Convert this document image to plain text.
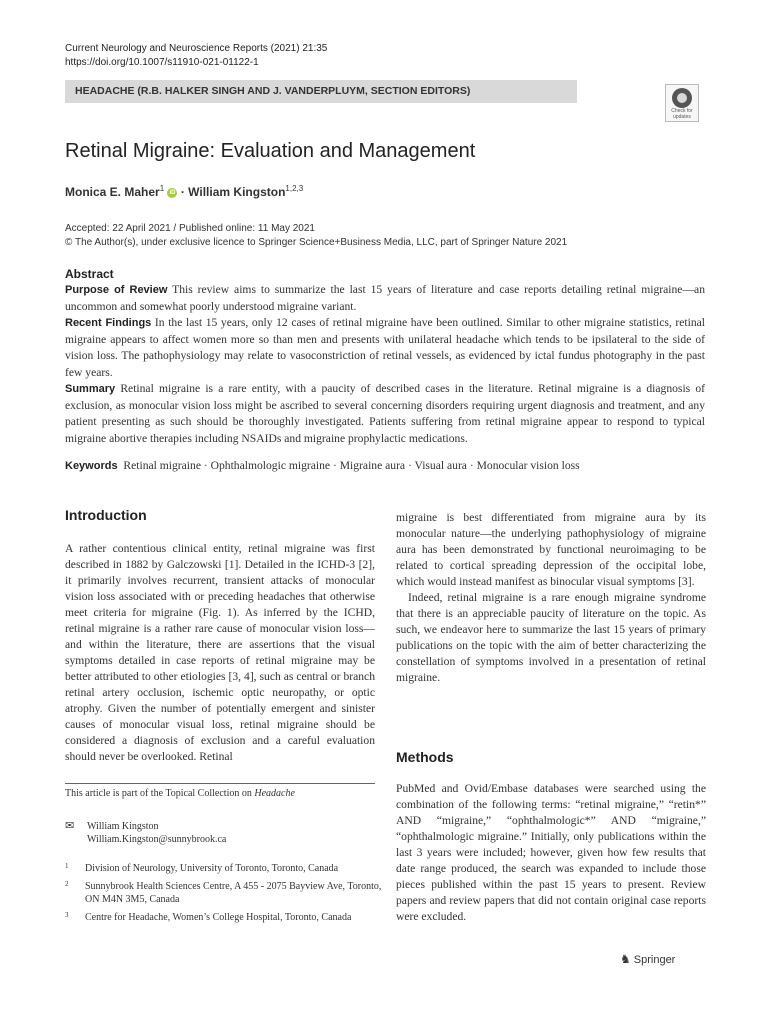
Current Neurology and Neuroscience Reports (2021) 21:35
https://doi.org/10.1007/s11910-021-01122-1
HEADACHE (R.B. HALKER SINGH AND J. VANDERPLUYM, SECTION EDITORS)
Check for
updates
Retinal Migraine: Evaluation and Management
Monica E. Maher$^1$ iD · William Kingston$^{1,2,3}$
Accepted: 22 April 2021 / Published online: 11 May 2021
© The Author(s), under exclusive licence to Springer Science+Business Media, LLC, part of Springer Nature 2021
Abstract

Purpose of Review This review aims to summarize the last 15 years of literature and case reports detailing retinal migraine—an uncommon and somewhat poorly understood migraine variant.

Recent Findings In the last 15 years, only 12 cases of retinal migraine have been outlined. Similar to other migraine statistics, retinal migraine appears to affect women more so than men and presents with unilateral headache which tends to be ipsilateral to the side of vision loss. The pathophysiology may relate to vasoconstriction of retinal vessels, as evidenced by ictal fundus photography in the past few years.

Summary Retinal migraine is a rare entity, with a paucity of described cases in the literature. Retinal migraine is a diagnosis of exclusion, as monocular vision loss might be ascribed to several concerning disorders requiring urgent diagnosis and treatment, and any patient presenting as such should be thoroughly investigated. Patients suffering from retinal migraine appear to respond to typical migraine abortive therapies including NSAIDs and migraine prophylactic medications.

Keywords Retinal migraine · Ophthalmologic migraine · Migraine aura · Visual aura · Monocular vision loss
Introduction

A rather contentious clinical entity, retinal migraine was first described in 1882 by Galczowski [1]. Detailed in the ICHD-3 [2], it primarily involves recurrent, transient attacks of monocular vision loss associated with or preceding headaches that otherwise meet criteria for migraine (Fig. 1). As inferred by the ICHD, retinal migraine is a rather rare cause of monocular vision loss—and within the literature, there are assertions that the visual symptoms detailed in case reports of retinal migraine may be better attributed to other etiologies [3, 4], such as central or branch retinal artery occlusion, ischemic optic neuropathy, or optic atrophy. Given the number of potentially emergent and sinister causes of monocular visual loss, retinal migraine should be considered a diagnosis of exclusion and a careful evaluation should never be overlooked. Retinal

This article is part of the Topical Collection on Headache
✉ William Kingston
William.Kingston@sunnybrook.ca
1 Division of Neurology, University of Toronto, Toronto, Canada
2 Sunnybrook Health Sciences Centre, A 455 - 2075 Bayview Ave, Toronto, ON M4N 3M5, Canada
3 Centre for Headache, Women’s College Hospital, Toronto, Canada

migraine is best differentiated from migraine aura by its monocular nature—the underlying pathophysiology of migraine aura has been demonstrated by functional neuroimaging to be related to cortical spreading depression of the occipital lobe, which would instead manifest as binocular visual symptoms [3].

Indeed, retinal migraine is a rare enough migraine syndrome that there is an appreciable paucity of literature on the topic. As such, we endeavor here to summarize the last 15 years of primary publications on the topic with the aim of better characterizing the constellation of symptoms involved in a presentation of retinal migraine.

Methods

PubMed and Ovid/Embase databases were searched using the combination of the following terms: “retinal migraine,” “retin*” AND “migraine,” “ophthalmologic*” AND “migraine,” “ophthalmologic migraine.” Initially, only publications within the last 3 years were included; however, given how few results that date range produced, the search was expanded to include those pieces published within the past 15 years to present. Review papers and review papers that did not contain original case reports were excluded.

♞ Springer
